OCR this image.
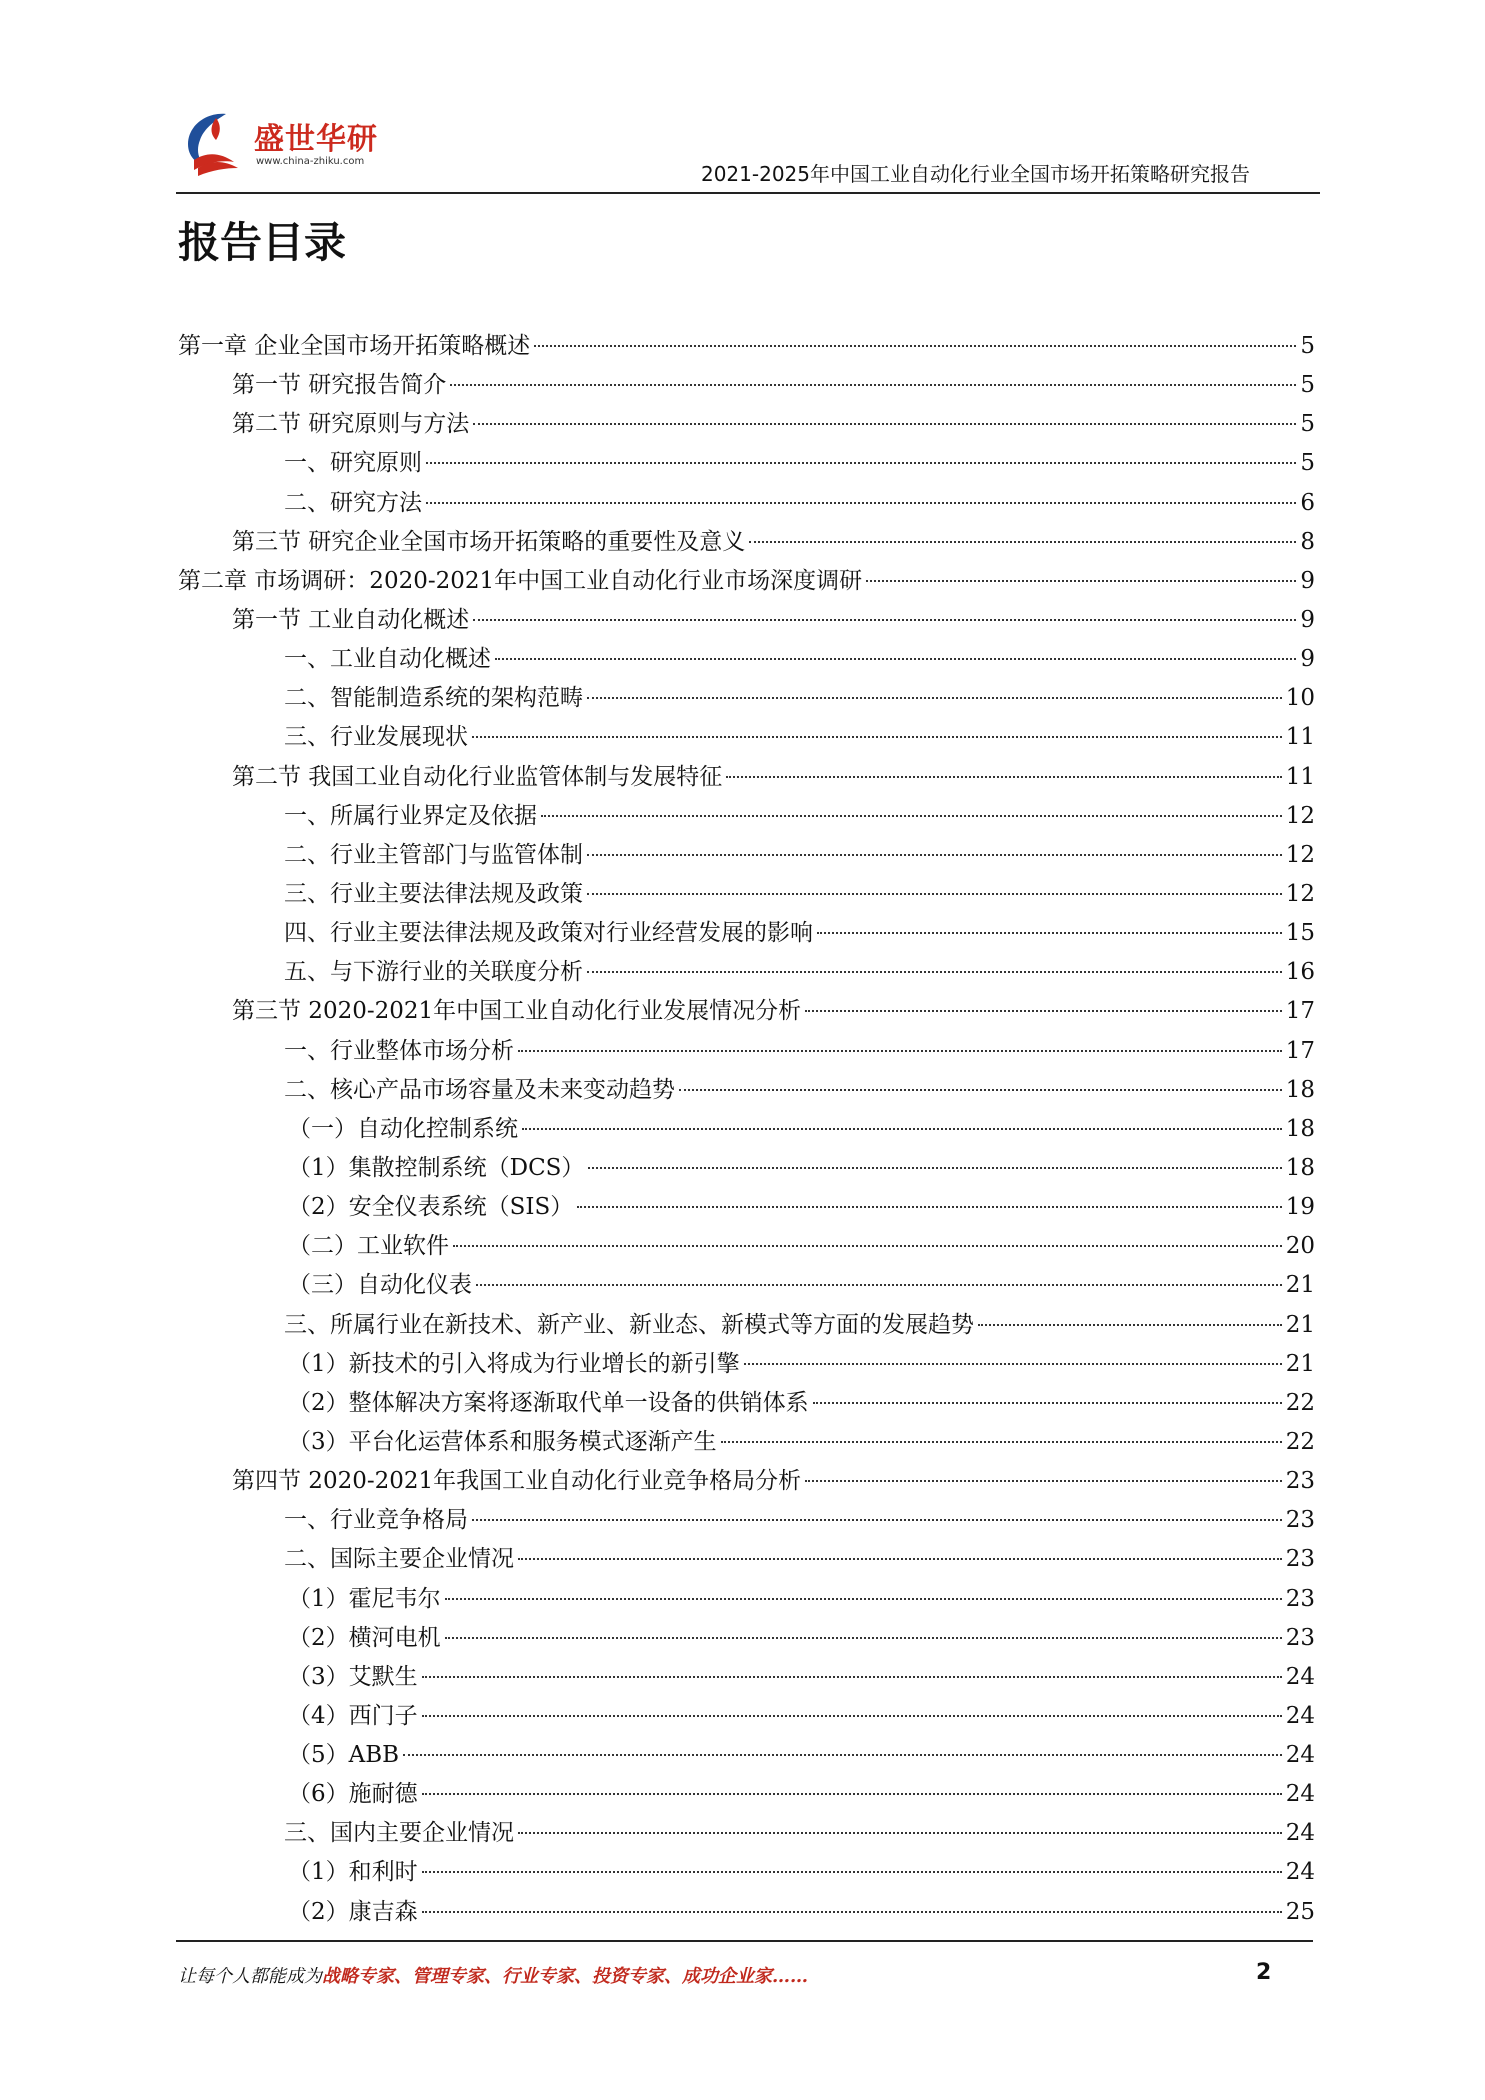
盛世华研
www.china-zhiku.com
2021-2025年中国工业自动化行业全国市场开拓策略研究报告
报告目录
第一章 企业全国市场开拓策略概述	5
第一节 研究报告简介	5
第二节 研究原则与方法	5
一、研究原则	5
二、研究方法	6
第三节 研究企业全国市场开拓策略的重要性及意义	8
第二章 市场调研：2020-2021年中国工业自动化行业市场深度调研	9
第一节 工业自动化概述	9
一、工业自动化概述	9
二、智能制造系统的架构范畴	10
三、行业发展现状	11
第二节 我国工业自动化行业监管体制与发展特征	11
一、所属行业界定及依据	12
二、行业主管部门与监管体制	12
三、行业主要法律法规及政策	12
四、行业主要法律法规及政策对行业经营发展的影响	15
五、与下游行业的关联度分析	16
第三节 2020-2021年中国工业自动化行业发展情况分析	17
一、行业整体市场分析	17
二、核心产品市场容量及未来变动趋势	18
（一）自动化控制系统	18
（1）集散控制系统（DCS）	18
（2）安全仪表系统（SIS）	19
（二）工业软件	20
（三）自动化仪表	21
三、所属行业在新技术、新产业、新业态、新模式等方面的发展趋势	21
（1）新技术的引入将成为行业增长的新引擎	21
（2）整体解决方案将逐渐取代单一设备的供销体系	22
（3）平台化运营体系和服务模式逐渐产生	22
第四节 2020-2021年我国工业自动化行业竞争格局分析	23
一、行业竞争格局	23
二、国际主要企业情况	23
（1）霍尼韦尔	23
（2）横河电机	23
（3）艾默生	24
（4）西门子	24
（5）ABB	24
（6）施耐德	24
三、国内主要企业情况	24
（1）和利时	24
（2）康吉森	25
让每个人都能成为战略专家、管理专家、行业专家、投资专家、成功企业家……	2
